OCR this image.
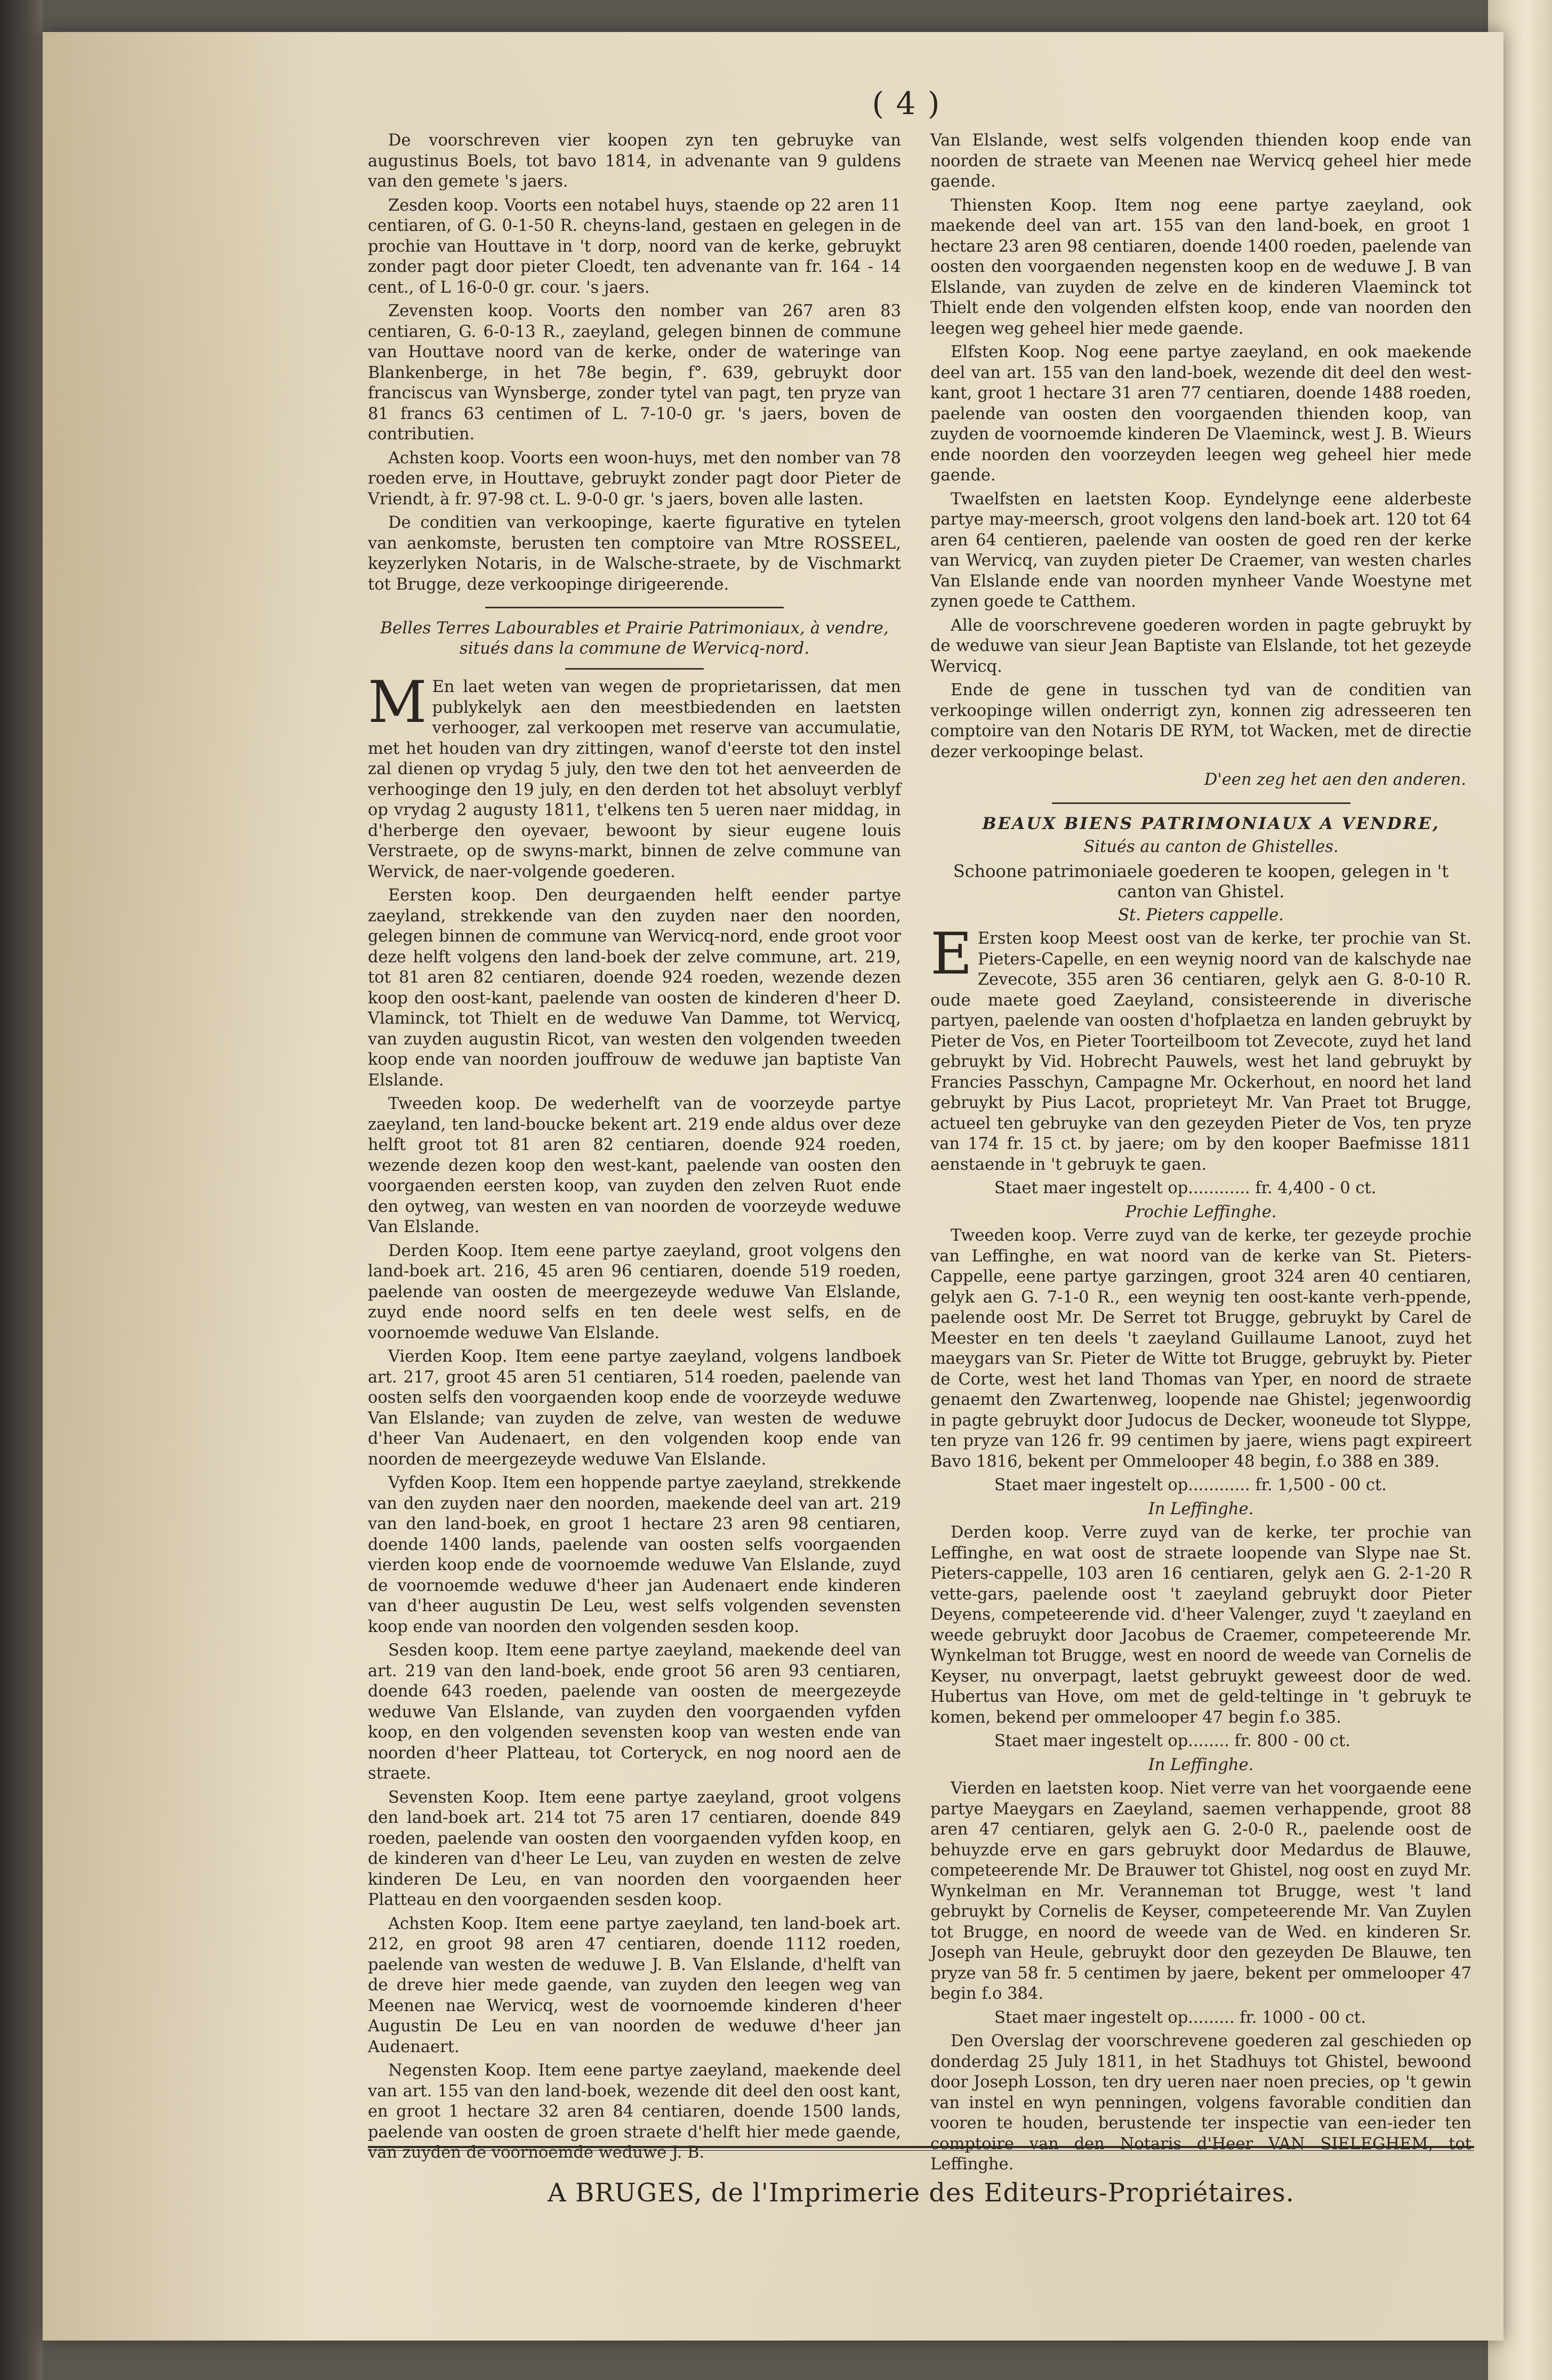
( 4 )

De voorschreven vier koopen zyn ten gebruyke van augustinus Boels, tot bavo 1814, in advenante van 9 guldens van den gemete 's jaers.

Zesden koop. Voorts een notabel huys, staende op 22 aren 11 centiaren, of G. 0-1-50 R. cheyns-land, gestaen en gelegen in de prochie van Houttave in 't dorp, noord van de kerke, gebruykt zonder pagt door pieter Cloedt, ten advenante van fr. 164 - 14 cent., of L 16-0-0 gr. cour. 's jaers.

Zevensten koop. Voorts den nomber van 267 aren 83 centiaren, G. 6-0-13 R., zaeyland, gelegen binnen de commune van Houttave noord van de kerke, onder de wateringe van Blankenberge, in het 78e begin, f°. 639, gebruykt door franciscus van Wynsberge, zonder tytel van pagt, ten pryze van 81 francs 63 centimen of L. 7-10-0 gr. 's jaers, boven de contributien.

Achsten koop. Voorts een woon-huys, met den nomber van 78 roeden erve, in Houttave, gebruykt zonder pagt door Pieter de Vriendt, à fr. 97-98 ct. L. 9-0-0 gr. 's jaers, boven alle lasten.

De conditien van verkoopinge, kaerte figurative en tytelen van aenkomste, berusten ten comptoire van Mtre ROSSEEL, keyzerlyken Notaris, in de Walsche-straete, by de Vischmarkt tot Brugge, deze verkoopinge dirigeerende.

Belles Terres Labourables et Prairie Patrimoniaux, à vendre, situés dans la commune de Wervicq-nord.

M En laet weten van wegen de proprietarissen, dat men publykelyk aen den meestbiedenden en laetsten verhooger, zal verkoopen met reserve van accumulatie, met het houden van dry zittingen, wanof d'eerste tot den instel zal dienen op vrydag 5 july, den twe den tot het aenveerden de verhooginge den 19 july, en den derden tot het absoluyt verblyf op vrydag 2 augusty 1811, t'elkens ten 5 ueren naer middag, in d'herberge den oyevaer, bewoont by sieur eugene louis Verstraete, op de swyns-markt, binnen de zelve commune van Wervick, de naer-volgende goederen.

Eersten koop. Den deurgaenden helft eender partye zaeyland, strekkende van den zuyden naer den noorden, gelegen binnen de commune van Wervicq-nord, ende groot voor deze helft volgens den land-boek der zelve commune, art. 219, tot 81 aren 82 centiaren, doende 924 roeden, wezende dezen koop den oost-kant, paelende van oosten de kinderen d'heer D. Vlaminck, tot Thielt en de weduwe Van Damme, tot Wervicq, van zuyden augustin Ricot, van westen den volgenden tweeden koop ende van noorden jouffrouw de weduwe jan baptiste Van Elslande.

Tweeden koop. De wederhelft van de voorzeyde partye zaeyland, ten land-boucke bekent art. 219 ende aldus over deze helft groot tot 81 aren 82 centiaren, doende 924 roeden, wezende dezen koop den west-kant, paelende van oosten den voorgaenden eersten koop, van zuyden den zelven Ruot ende den oytweg, van westen en van noorden de voorzeyde weduwe Van Elslande.

Derden Koop. Item eene partye zaeyland, groot volgens den land-boek art. 216, 45 aren 96 centiaren, doende 519 roeden, paelende van oosten de meergezeyde weduwe Van Elslande, zuyd ende noord selfs en ten deele west selfs, en de voornoemde weduwe Van Elslande.

Vierden Koop. Item eene partye zaeyland, volgens landboek art. 217, groot 45 aren 51 centiaren, 514 roeden, paelende van oosten selfs den voorgaenden koop ende de voorzeyde weduwe Van Elslande; van zuyden de zelve, van westen de weduwe d'heer Van Audenaert, en den volgenden koop ende van noorden de meergezeyde weduwe Van Elslande.

Vyfden Koop. Item een hoppende partye zaeyland, strekkende van den zuyden naer den noorden, maekende deel van art. 219 van den land-boek, en groot 1 hectare 23 aren 98 centiaren, doende 1400 lands, paelende van oosten selfs voorgaenden vierden koop ende de voornoemde weduwe Van Elslande, zuyd de voornoemde weduwe d'heer jan Audenaert ende kinderen van d'heer augustin De Leu, west selfs volgenden sevensten koop ende van noorden den volgenden sesden koop.

Sesden koop. Item eene partye zaeyland, maekende deel van art. 219 van den land-boek, ende groot 56 aren 93 centiaren, doende 643 roeden, paelende van oosten de meergezeyde weduwe Van Elslande, van zuyden den voorgaenden vyfden koop, en den volgenden sevensten koop van westen ende van noorden d'heer Platteau, tot Corteryck, en nog noord aen de straete.

Sevensten Koop. Item eene partye zaeyland, groot volgens den land-boek art. 214 tot 75 aren 17 centiaren, doende 849 roeden, paelende van oosten den voorgaenden vyfden koop, en de kinderen van d'heer Le Leu, van zuyden en westen de zelve kinderen De Leu, en van noorden den voorgaenden heer Platteau en den voorgaenden sesden koop.

Achsten Koop. Item eene partye zaeyland, ten land-boek art. 212, en groot 98 aren 47 centiaren, doende 1112 roeden, paelende van westen de weduwe J. B. Van Elslande, d'helft van de dreve hier mede gaende, van zuyden den leegen weg van Meenen nae Wervicq, west de voornoemde kinderen d'heer Augustin De Leu en van noorden de weduwe d'heer jan Audenaert.

Negensten Koop. Item eene partye zaeyland, maekende deel van art. 155 van den land-boek, wezende dit deel den oost kant, en groot 1 hectare 32 aren 84 centiaren, doende 1500 lands, paelende van oosten de groen straete d'helft hier mede gaende, van zuyden de voornoemde weduwe J. B.

Van Elslande, west selfs volgenden thienden koop ende van noorden de straete van Meenen nae Wervicq geheel hier mede gaende.

Thiensten Koop. Item nog eene partye zaeyland, ook maekende deel van art. 155 van den land-boek, en groot 1 hectare 23 aren 98 centiaren, doende 1400 roeden, paelende van oosten den voorgaenden negensten koop en de weduwe J. B van Elslande, van zuyden de zelve en de kinderen Vlaeminck tot Thielt ende den volgenden elfsten koop, ende van noorden den leegen weg geheel hier mede gaende.

Elfsten Koop. Nog eene partye zaeyland, en ook maekende deel van art. 155 van den land-boek, wezende dit deel den west-kant, groot 1 hectare 31 aren 77 centiaren, doende 1488 roeden, paelende van oosten den voorgaenden thienden koop, van zuyden de voornoemde kinderen De Vlaeminck, west J. B. Wieurs ende noorden den voorzeyden leegen weg geheel hier mede gaende.

Twaelfsten en laetsten Koop. Eyndelynge eene alderbeste partye may-meersch, groot volgens den land-boek art. 120 tot 64 aren 64 centieren, paelende van oosten de goed ren der kerke van Wervicq, van zuyden pieter De Craemer, van westen charles Van Elslande ende van noorden mynheer Vande Woestyne met zynen goede te Catthem.

Alle de voorschrevene goederen worden in pagte gebruykt by de weduwe van sieur Jean Baptiste van Elslande, tot het gezeyde Wervicq.

Ende de gene in tusschen tyd van de conditien van verkoopinge willen onderrigt zyn, konnen zig adresseeren ten comptoire van den Notaris DE RYM, tot Wacken, met de directie dezer verkoopinge belast.

D'een zeg het aen den anderen.

BEAUX BIENS PATRIMONIAUX A VENDRE,

Situés au canton de Ghistelles.

Schoone patrimoniaele goederen te koopen, gelegen in 't canton van Ghistel.

St. Pieters cappelle.

E Ersten koop Meest oost van de kerke, ter prochie van St. Pieters-Capelle, en een weynig noord van de kalschyde nae Zevecote, 355 aren 36 centiaren, gelyk aen G. 8-0-10 R. oude maete goed Zaeyland, consisteerende in diverische partyen, paelende van oosten d'hofplaetza en landen gebruykt by Pieter de Vos, en Pieter Toorteilboom tot Zevecote, zuyd het land gebruykt by Vid. Hobrecht Pauwels, west het land gebruykt by Francies Passchyn, Campagne Mr. Ockerhout, en noord het land gebruykt by Pius Lacot, proprieteyt Mr. Van Praet tot Brugge, actueel ten gebruyke van den gezeyden Pieter de Vos, ten pryze van 174 fr. 15 ct. by jaere; om by den kooper Baefmisse 1811 aenstaende in 't gebruyk te gaen.

Staet maer ingestelt op............ fr. 4,400 - 0 ct.

Prochie Leffinghe.

Tweeden koop. Verre zuyd van de kerke, ter gezeyde prochie van Leffinghe, en wat noord van de kerke van St. Pieters-Cappelle, eene partye garzingen, groot 324 aren 40 centiaren, gelyk aen G. 7-1-0 R., een weynig ten oost-kante verh-ppende, paelende oost Mr. De Serret tot Brugge, gebruykt by Carel de Meester en ten deels 't zaeyland Guillaume Lanoot, zuyd het maeygars van Sr. Pieter de Witte tot Brugge, gebruykt by. Pieter de Corte, west het land Thomas van Yper, en noord de straete genaemt den Zwartenweg, loopende nae Ghistel; jegenwoordig in pagte gebruykt door Judocus de Decker, wooneude tot Slyppe, ten pryze van 126 fr. 99 centimen by jaere, wiens pagt expireert Bavo 1816, bekent per Ommelooper 48 begin, f.o 388 en 389.

Staet maer ingestelt op............ fr. 1,500 - 00 ct.

In Leffinghe.

Derden koop. Verre zuyd van de kerke, ter prochie van Leffinghe, en wat oost de straete loopende van Slype nae St. Pieters-cappelle, 103 aren 16 centiaren, gelyk aen G. 2-1-20 R vette-gars, paelende oost 't zaeyland gebruykt door Pieter Deyens, competeerende vid. d'heer Valenger, zuyd 't zaeyland en weede gebruykt door Jacobus de Craemer, competeerende Mr. Wynkelman tot Brugge, west en noord de weede van Cornelis de Keyser, nu onverpagt, laetst gebruykt geweest door de wed. Hubertus van Hove, om met de geld-teltinge in 't gebruyk te komen, bekend per ommelooper 47 begin f.o 385.

Staet maer ingestelt op........ fr. 800 - 00 ct.

In Leffinghe.

Vierden en laetsten koop. Niet verre van het voorgaende eene partye Maeygars en Zaeyland, saemen verhappende, groot 88 aren 47 centiaren, gelyk aen G. 2-0-0 R., paelende oost de behuyzde erve en gars gebruykt door Medardus de Blauwe, competeerende Mr. De Brauwer tot Ghistel, nog oost en zuyd Mr. Wynkelman en Mr. Veranneman tot Brugge, west 't land gebruykt by Cornelis de Keyser, competeerende Mr. Van Zuylen tot Brugge, en noord de weede van de Wed. en kinderen Sr. Joseph van Heule, gebruykt door den gezeyden De Blauwe, ten pryze van 58 fr. 5 centimen by jaere, bekent per ommelooper 47 begin f.o 384.

Staet maer ingestelt op......... fr. 1000 - 00 ct.

Den Overslag der voorschrevene goederen zal geschieden op donderdag 25 July 1811, in het Stadhuys tot Ghistel, bewoond door Joseph Losson, ten dry ueren naer noen precies, op 't gewin van instel en wyn penningen, volgens favorable conditien dan vooren te houden, berustende ter inspectie van een-ieder ten comptoire van den Notaris d'Heer VAN SIELEGHEM, tot Leffinghe.

A BRUGES, de l'Imprimerie des Editeurs-Propriétaires.
